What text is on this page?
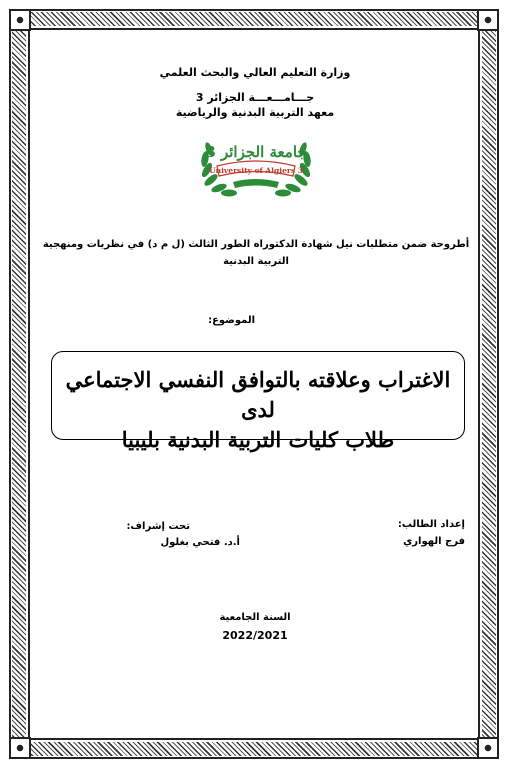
وزارة التعليم العالي والبحث العلمي
جـــامـــعـــة الجزائر 3
معهد التربية البدنية والرياضية
جامعة الجزائر 3
University of Algiers 3
أطروحة ضمن متطلبات نيل شهادة الدكتوراه الطور الثالث (ل م د) في نظريات ومنهجية التربية البدنية
الموضوع:
الاغتراب وعلاقته بالتوافق النفسي الاجتماعي لدى
طلاب كليات التربية البدنية بليبيا
إعداد الطالب:
فرج الهواري
تحت إشراف:
أ.د. فتحي بغلول
السنة الجامعية
2022/2021
